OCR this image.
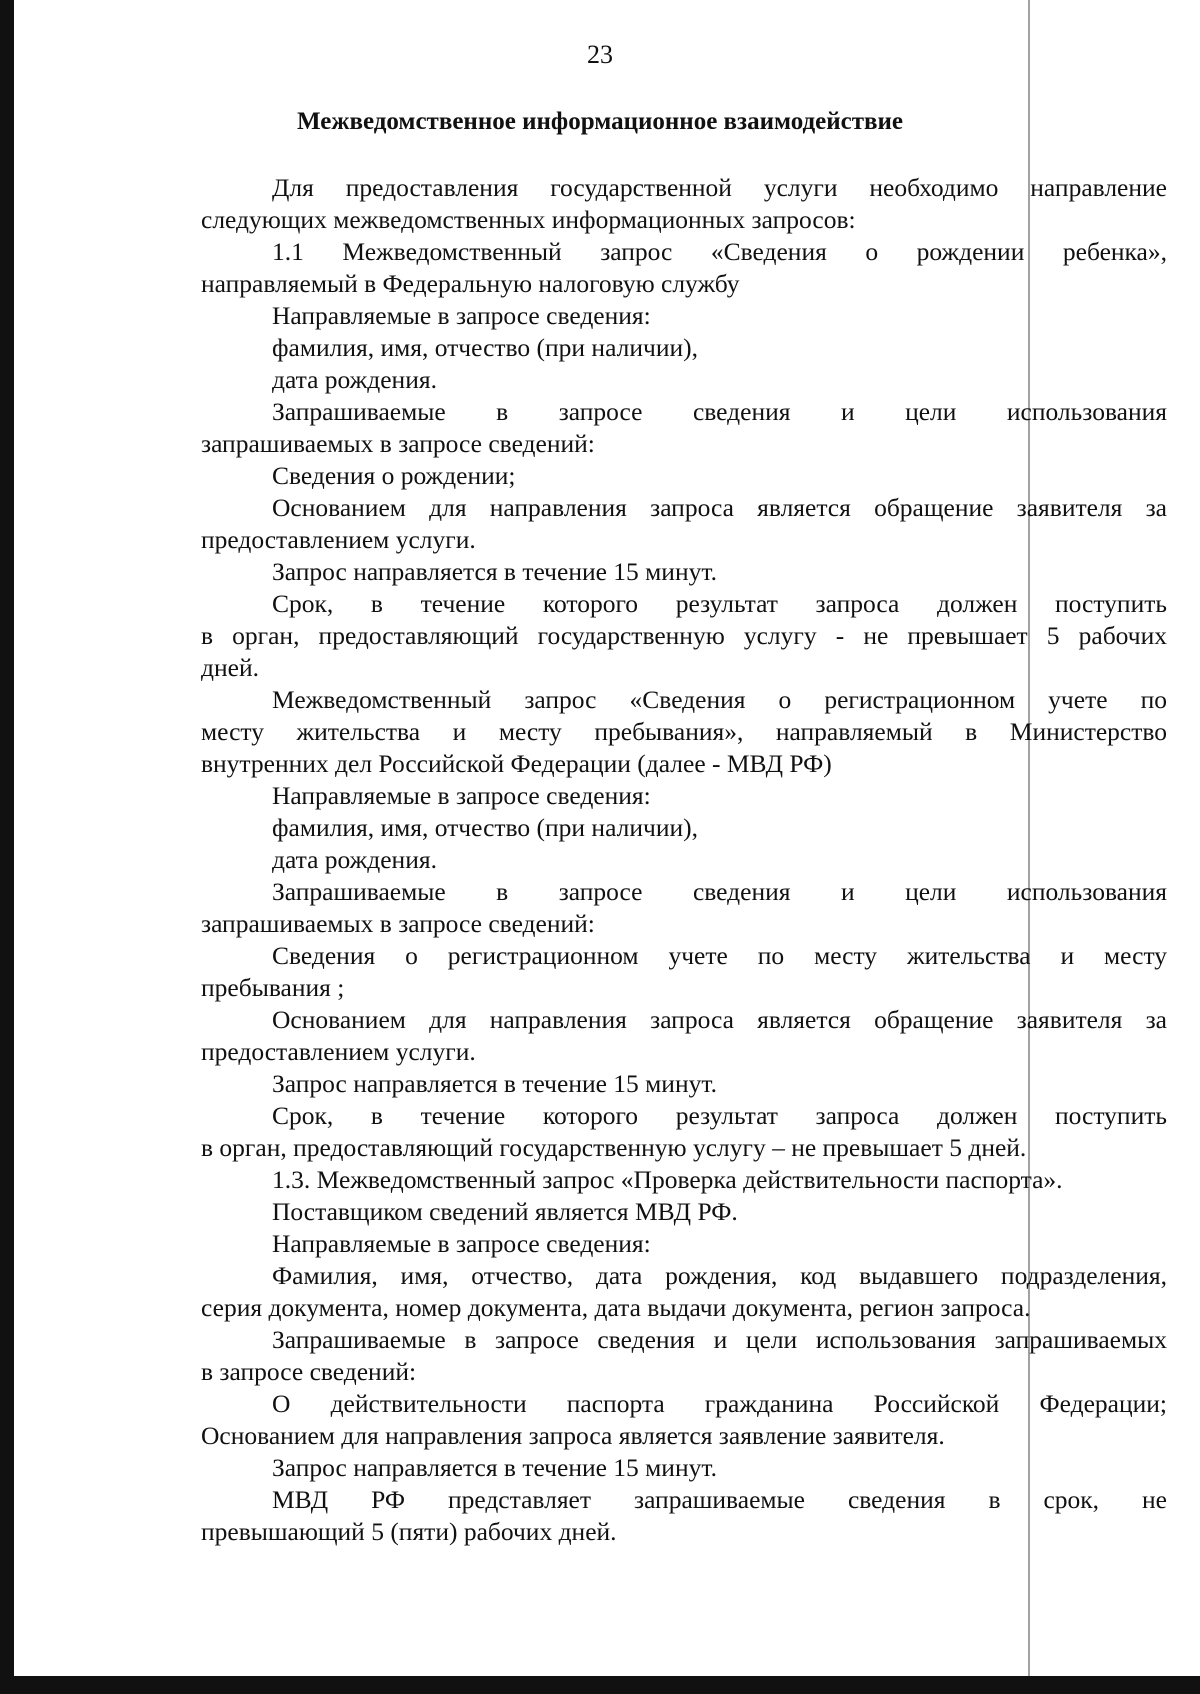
23
Межведомственное информационное взаимодействие
Для предоставления государственной услуги необходимо направление
следующих межведомственных информационных запросов:
1.1 Межведомственный запрос «Сведения о рождении ребенка»,
направляемый в Федеральную налоговую службу
Направляемые в запросе сведения:
фамилия, имя, отчество (при наличии),
дата рождения.
Запрашиваемые в запросе сведения и цели использования
запрашиваемых в запросе сведений:
Сведения о рождении;
Основанием для направления запроса является обращение заявителя за
предоставлением услуги.
Запрос направляется в течение 15 минут.
Срок, в течение которого результат запроса должен поступить
в орган, предоставляющий государственную услугу - не превышает 5 рабочих
дней.
Межведомственный запрос «Сведения о регистрационном учете по
месту жительства и месту пребывания», направляемый в Министерство
внутренних дел Российской Федерации (далее - МВД РФ)
Направляемые в запросе сведения:
фамилия, имя, отчество (при наличии),
дата рождения.
Запрашиваемые в запросе сведения и цели использования
запрашиваемых в запросе сведений:
Сведения о регистрационном учете по месту жительства и месту
пребывания ;
Основанием для направления запроса является обращение заявителя за
предоставлением услуги.
Запрос направляется в течение 15 минут.
Срок, в течение которого результат запроса должен поступить
в орган, предоставляющий государственную услугу – не превышает 5 дней.
1.3. Межведомственный запрос «Проверка действительности паспорта».
Поставщиком сведений является МВД РФ.
Направляемые в запросе сведения:
Фамилия, имя, отчество, дата рождения, код выдавшего подразделения,
серия документа, номер документа, дата выдачи документа, регион запроса.
Запрашиваемые в запросе сведения и цели использования запрашиваемых
в запросе сведений:
О действительности паспорта гражданина Российской Федерации;
Основанием для направления запроса является заявление заявителя.
Запрос направляется в течение 15 минут.
МВД РФ представляет запрашиваемые сведения в срок, не
превышающий 5 (пяти) рабочих дней.
